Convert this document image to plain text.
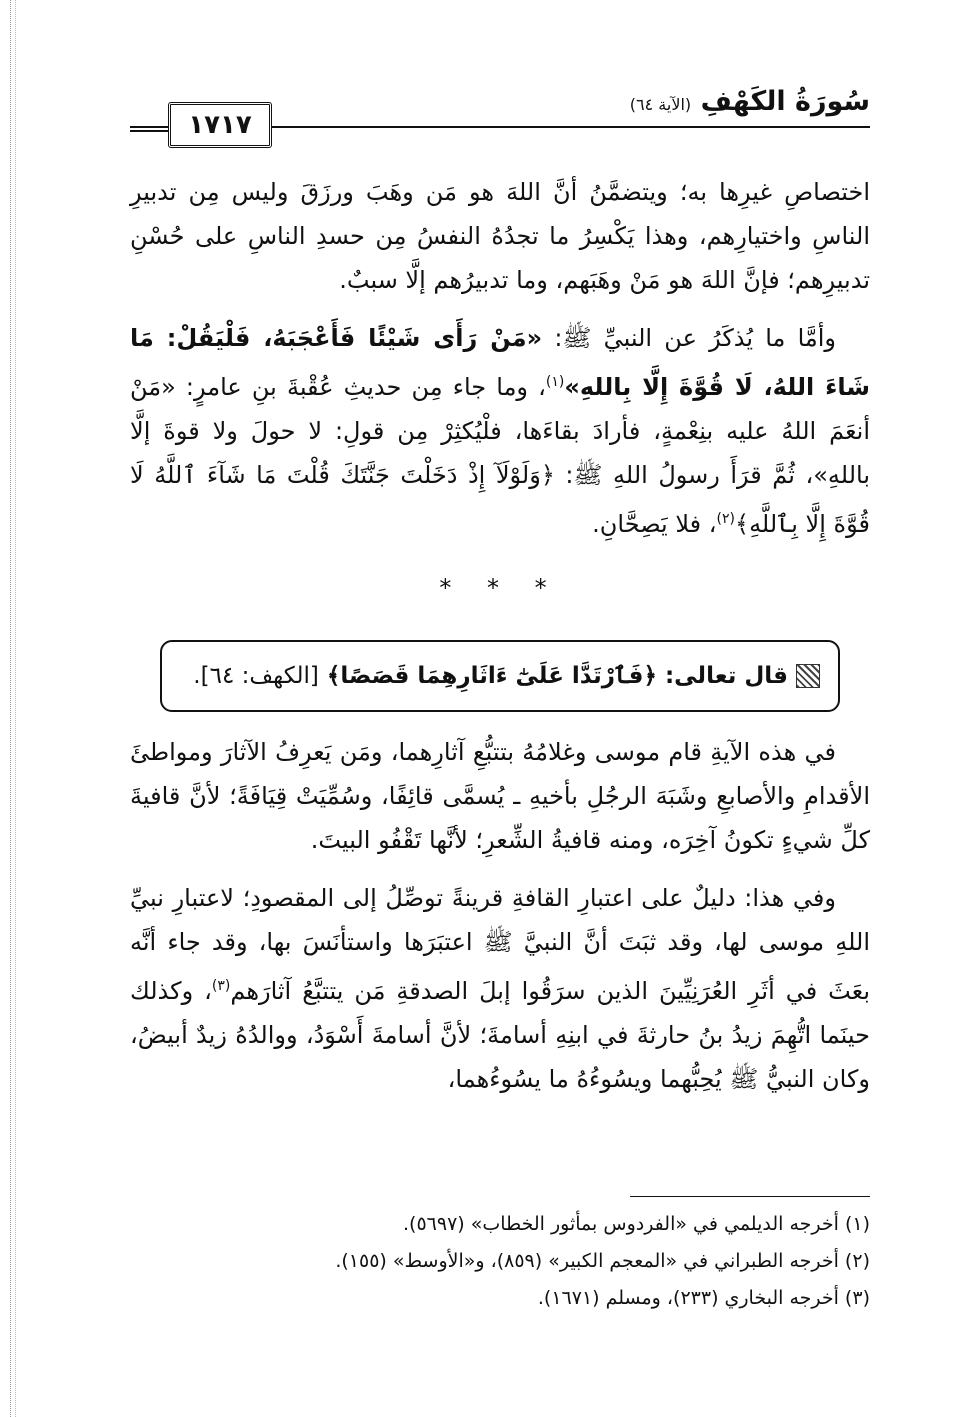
١٧١٧
سُورَةُ الكَهْفِ (الآية ٦٤)

اختصاصِ غيرِها به؛ ويتضمَّنُ أنَّ اللهَ هو مَن وهَبَ ورزَقَ وليس مِن تدبيرِ الناسِ واختيارِهم، وهذا يَكْسِرُ ما تجدُهُ النفسُ مِن حسدِ الناسِ على حُسْنِ تدبيرِهم؛ فإنَّ اللهَ هو مَنْ وهَبَهم، وما تدبيرُهم إلَّا سببٌ.

وأمَّا ما يُذكَرُ عن النبيِّ ﷺ: «مَنْ رَأَى شَيْئًا فَأَعْجَبَهُ، فَلْيَقُلْ: مَا شَاءَ اللهُ، لَا قُوَّةَ إِلَّا بِاللهِ»$^{(١)}$، وما جاء مِن حديثِ عُقْبةَ بنِ عامرٍ: «مَنْ أنعَمَ اللهُ عليه بنِعْمةٍ، فأرادَ بقاءَها، فلْيُكثِرْ مِن قولِ: لا حولَ ولا قوةَ إلَّا باللهِ»، ثُمَّ قرَأَ رسولُ اللهِ ﷺ: ﴿وَلَوْلَآ إِذْ دَخَلْتَ جَنَّتَكَ قُلْتَ مَا شَآءَ ٱللَّهُ لَا قُوَّةَ إِلَّا بِٱللَّهِ﴾$^{(٢)}$، فلا يَصِحَّانِ.

* * *
قال تعالى:
﴿فَٱرْتَدَّا عَلَىٰٓ ءَاثَارِهِمَا قَصَصًا﴾
[الكهف: ٦٤].

في هذه الآيةِ قام موسى وغلامُهُ بتتبُّعِ آثارِهما، ومَن يَعرِفُ الآثارَ ومواطئَ الأقدامِ والأصابعِ وشَبَهَ الرجُلِ بأخيهِ ـ يُسمَّى قائِفًا، وسُمِّيَتْ قِيَافَةً؛ لأنَّ قافيةَ كلِّ شيءٍ تكونُ آخِرَه، ومنه قافيةُ الشِّعرِ؛ لأنَّها تَقْفُو البيتَ.

وفي هذا: دليلٌ على اعتبارِ القافةِ قرينةً توصِّلُ إلى المقصودِ؛ لاعتبارِ نبيِّ اللهِ موسى لها، وقد ثبَتَ أنَّ النبيَّ ﷺ اعتبَرَها واستأنَسَ بها، وقد جاء أنَّه بعَثَ في أثَرِ العُرَنِيِّينَ الذين سرَقُوا إبلَ الصدقةِ مَن يتتبَّعُ آثارَهم$^{(٣)}$، وكذلك حينَما اتُّهِمَ زيدُ بنُ حارثةَ في ابنِهِ أسامةَ؛ لأنَّ أسامةَ أَسْوَدُ، ووالدُهُ زيدٌ أبيضُ، وكان النبيُّ ﷺ يُحِبُّهما ويسُوءُهُ ما يسُوءُهما،

(١) أخرجه الديلمي في «الفردوس بمأثور الخطاب» (٥٦٩٧).
(٢) أخرجه الطبراني في «المعجم الكبير» (٨٥٩)، و«الأوسط» (١٥٥).
(٣) أخرجه البخاري (٢٣٣)، ومسلم (١٦٧١).
